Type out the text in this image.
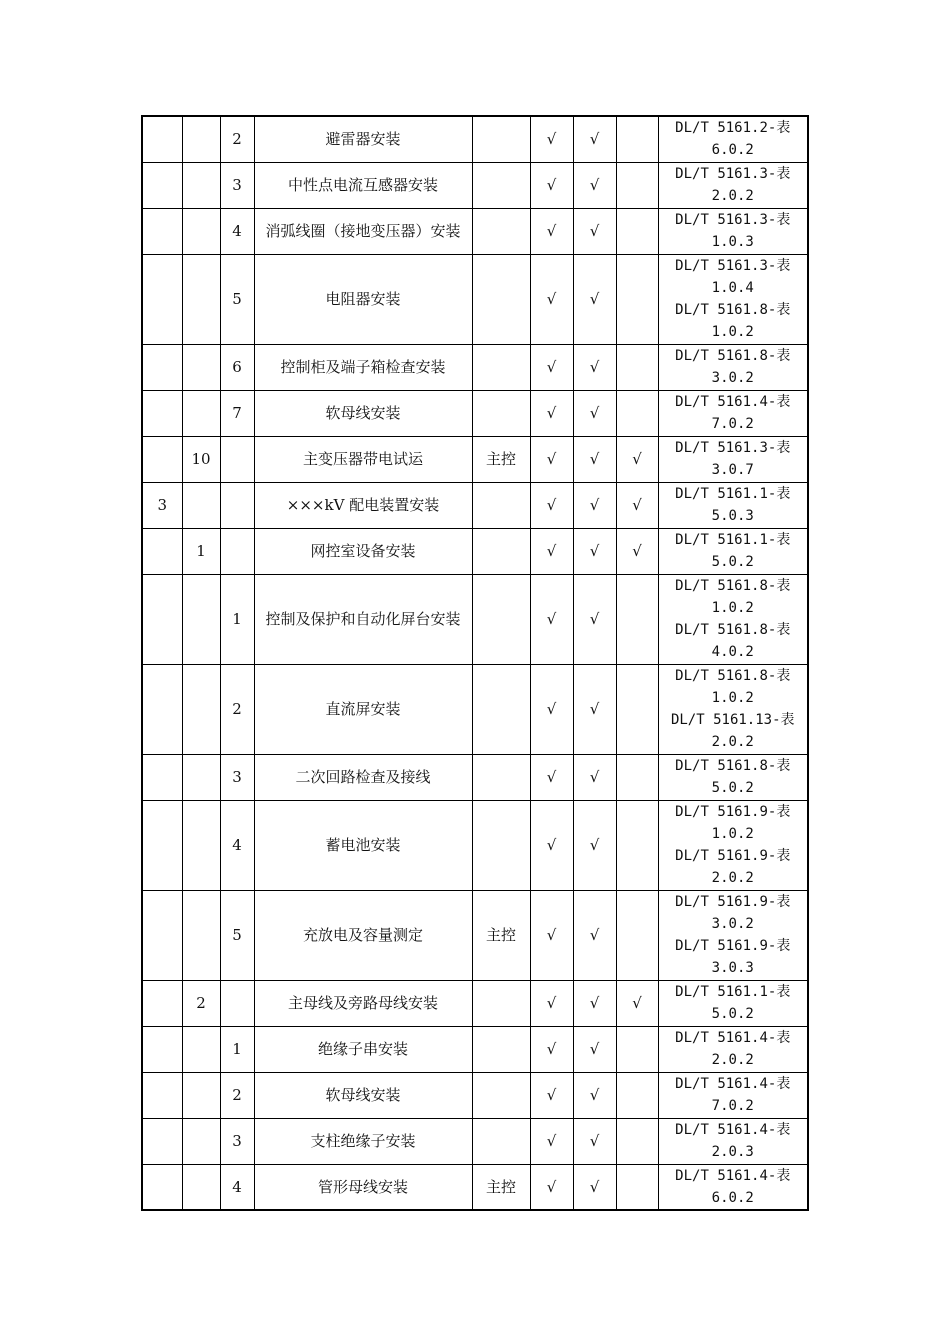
		2	避雷器安装		√	√		DL/T 5161.2-表
6.0.2

		3	中性点电流互感器安装		√	√		DL/T 5161.3-表
2.0.2

		4	消弧线圈（接地变压器）安装		√	√		DL/T 5161.3-表
1.0.3

		5	电阻器安装		√	√		DL/T 5161.3-表
1.0.4
DL/T 5161.8-表
1.0.2

		6	控制柜及端子箱检查安装		√	√		DL/T 5161.8-表
3.0.2

		7	软母线安装		√	√		DL/T 5161.4-表
7.0.2

	10		主变压器带电试运	主控	√	√	√	DL/T 5161.3-表
3.0.7

3			×××kV 配电装置安装		√	√	√	DL/T 5161.1-表
5.0.3

	1		网控室设备安装		√	√	√	DL/T 5161.1-表
5.0.2

		1	控制及保护和自动化屏台安装		√	√		DL/T 5161.8-表
1.0.2
DL/T 5161.8-表
4.0.2

		2	直流屏安装		√	√		DL/T 5161.8-表
1.0.2
DL/T 5161.13-表
2.0.2

		3	二次回路检查及接线		√	√		DL/T 5161.8-表
5.0.2

		4	蓄电池安装		√	√		DL/T 5161.9-表
1.0.2
DL/T 5161.9-表
2.0.2

		5	充放电及容量测定	主控	√	√		DL/T 5161.9-表
3.0.2
DL/T 5161.9-表
3.0.3

	2		主母线及旁路母线安装		√	√	√	DL/T 5161.1-表
5.0.2

		1	绝缘子串安装		√	√		DL/T 5161.4-表
2.0.2

		2	软母线安装		√	√		DL/T 5161.4-表
7.0.2

		3	支柱绝缘子安装		√	√		DL/T 5161.4-表
2.0.3

		4	管形母线安装	主控	√	√		DL/T 5161.4-表
6.0.2
